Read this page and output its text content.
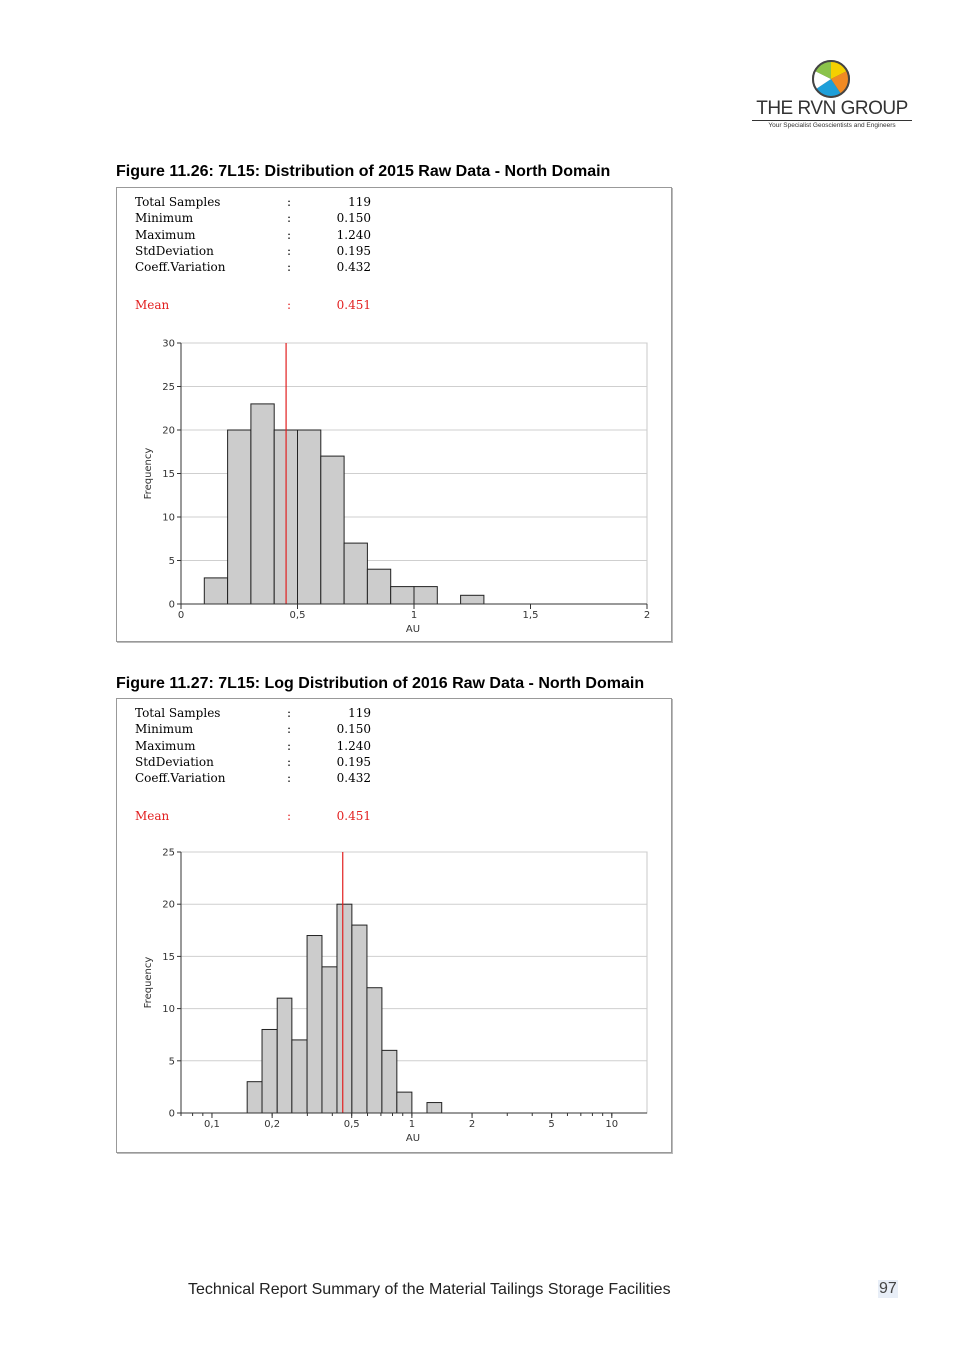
THE RVN GROUP
Your Specialist Geoscientists and Engineers
Figure 11.26: 7L15: Distribution of 2015 Raw Data - North Domain
Total Samples	:	119
Minimum	:	0.150
Maximum	:	1.240
StdDeviation	:	0.195
Coeff.Variation	:	0.432
Mean	:	0.451
0
5
10
15
20
25
30
0	0,5	1	1,5	2
AU
Frequency
Figure 11.27: 7L15: Log Distribution of 2016 Raw Data - North Domain
Total Samples	:	119
Minimum	:	0.150
Maximum	:	1.240
StdDeviation	:	0.195
Coeff.Variation	:	0.432
Mean	:	0.451
0
5
10
15
20
25
0,1	0,2	0,5	1	2	5	10
AU
Frequency
Technical Report Summary of the Material Tailings Storage Facilities	97
